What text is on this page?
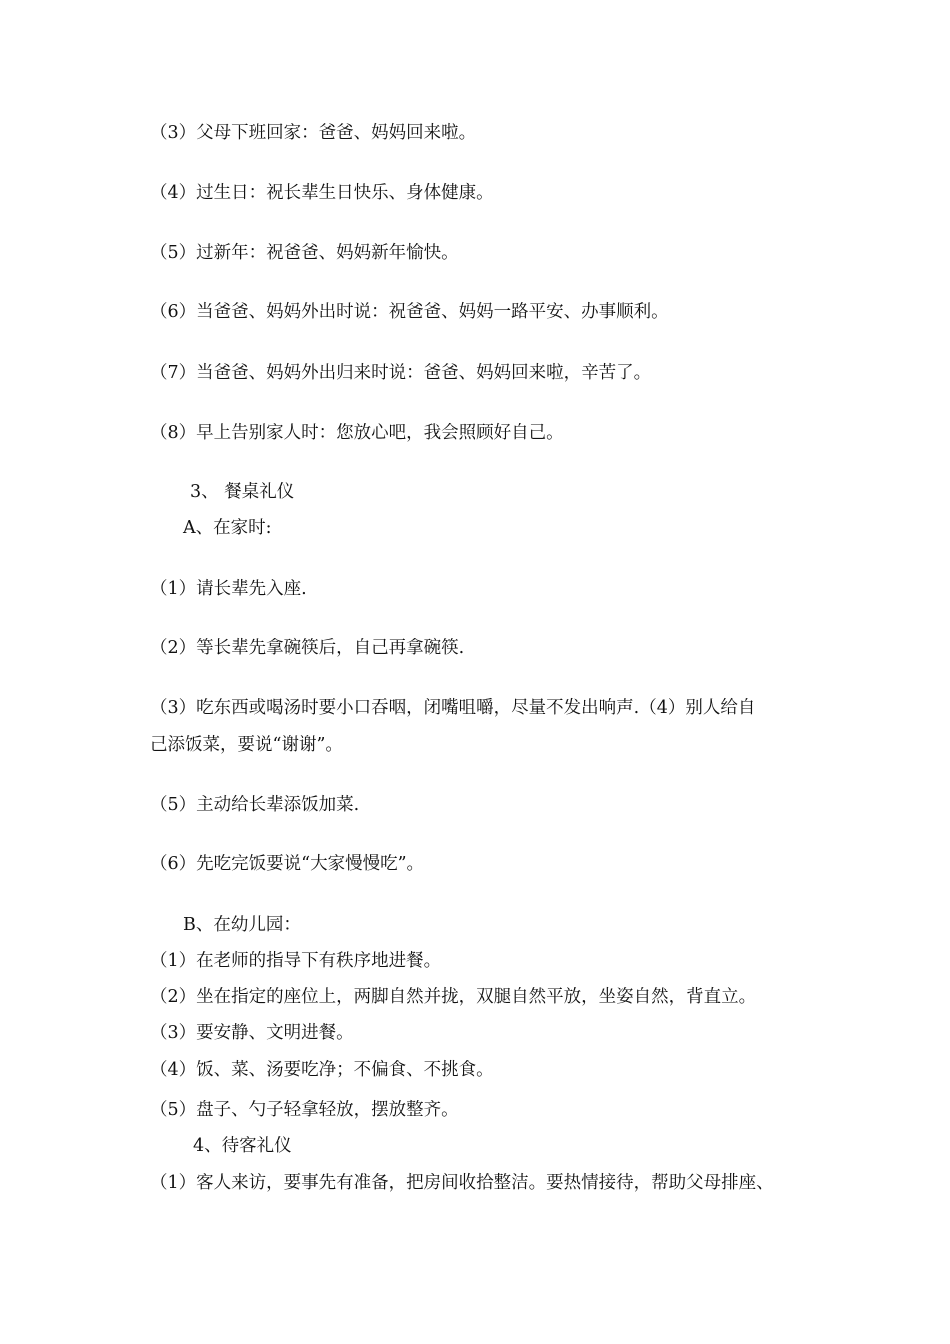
（3）父母下班回家：爸爸、妈妈回来啦。
（4）过生日：祝长辈生日快乐、身体健康。
（5）过新年：祝爸爸、妈妈新年愉快。
（6）当爸爸、妈妈外出时说：祝爸爸、妈妈一路平安、办事顺利。
（7）当爸爸、妈妈外出归来时说：爸爸、妈妈回来啦，辛苦了。
（8）早上告别家人时：您放心吧，我会照顾好自己。
3、 餐桌礼仪
A、在家时:
（1）请长辈先入座.
（2）等长辈先拿碗筷后，自己再拿碗筷.
（3）吃东西或喝汤时要小口吞咽，闭嘴咀嚼，尽量不发出响声.（4）别人给自
己添饭菜，要说“谢谢”。
（5）主动给长辈添饭加菜.
（6）先吃完饭要说“大家慢慢吃”。
B、在幼儿园：
（1）在老师的指导下有秩序地进餐。
（2）坐在指定的座位上，两脚自然并拢，双腿自然平放，坐姿自然，背直立。
（3）要安静、文明进餐。
（4）饭、菜、汤要吃净；不偏食、不挑食。
（5）盘子、勺子轻拿轻放，摆放整齐。
4、待客礼仪
（1）客人来访，要事先有准备，把房间收拾整洁。要热情接待，帮助父母排座、
